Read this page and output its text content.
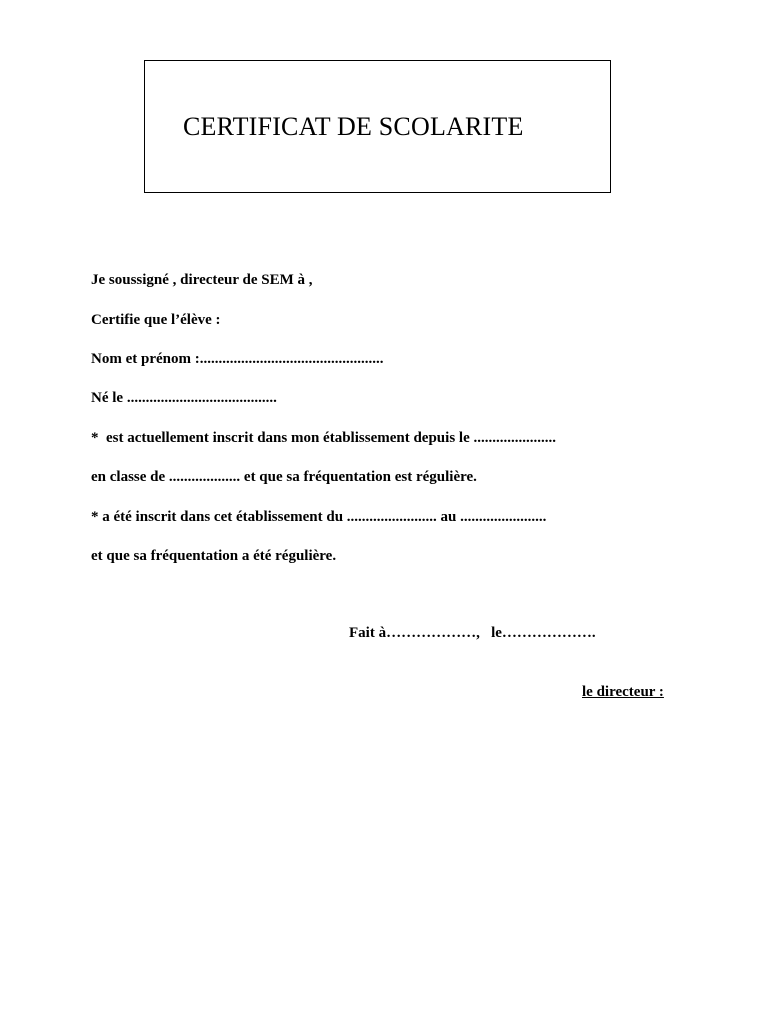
CERTIFICAT DE SCOLARITE
Je soussigné , directeur de SEM à ,
Certifie que l’élève :
Nom et prénom :.................................................
Né le ........................................
*  est actuellement inscrit dans mon établissement depuis le ......................
en classe de ................... et que sa fréquentation est régulière.
* a été inscrit dans cet établissement du ........................ au .......................
et que sa fréquentation a été régulière.
Fait à………………,   le……………….
le directeur :
